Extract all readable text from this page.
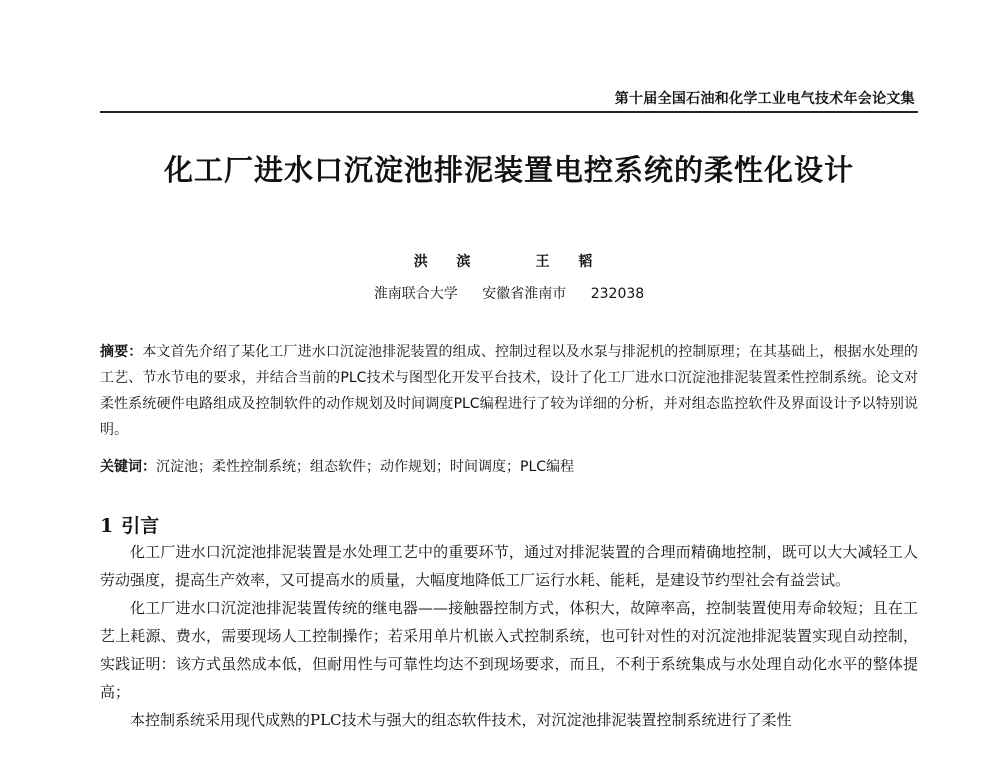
第十届全国石油和化学工业电气技术年会论文集
化工厂进水口沉淀池排泥装置电控系统的柔性化设计
洪 滨	王 韬
淮南联合大学 安徽省淮南市 232038
摘要：本文首先介绍了某化工厂进水口沉淀池排泥装置的组成、控制过程以及水泵与排泥机的控制原理；在其基础上，根据水处理的工艺、节水节电的要求，并结合当前的PLC技术与图型化开发平台技术，设计了化工厂进水口沉淀池排泥装置柔性控制系统。论文对柔性系统硬件电路组成及控制软件的动作规划及时间调度PLC编程进行了较为详细的分析，并对组态监控软件及界面设计予以特别说明。
关键词：沉淀池；柔性控制系统；组态软件；动作规划；时间调度；PLC编程
1 引言

化工厂进水口沉淀池排泥装置是水处理工艺中的重要环节，通过对排泥装置的合理而精确地控制，既可以大大减轻工人劳动强度，提高生产效率，又可提高水的质量，大幅度地降低工厂运行水耗、能耗，是建设节约型社会有益尝试。

化工厂进水口沉淀池排泥装置传统的继电器——接触器控制方式，体积大，故障率高，控制装置使用寿命较短；且在工艺上耗源、费水，需要现场人工控制操作；若采用单片机嵌入式控制系统，也可针对性的对沉淀池排泥装置实现自动控制，实践证明：该方式虽然成本低，但耐用性与可靠性均达不到现场要求，而且，不利于系统集成与水处理自动化水平的整体提高；

本控制系统采用现代成熟的PLC技术与强大的组态软件技术，对沉淀池排泥装置控制系统进行了柔性
